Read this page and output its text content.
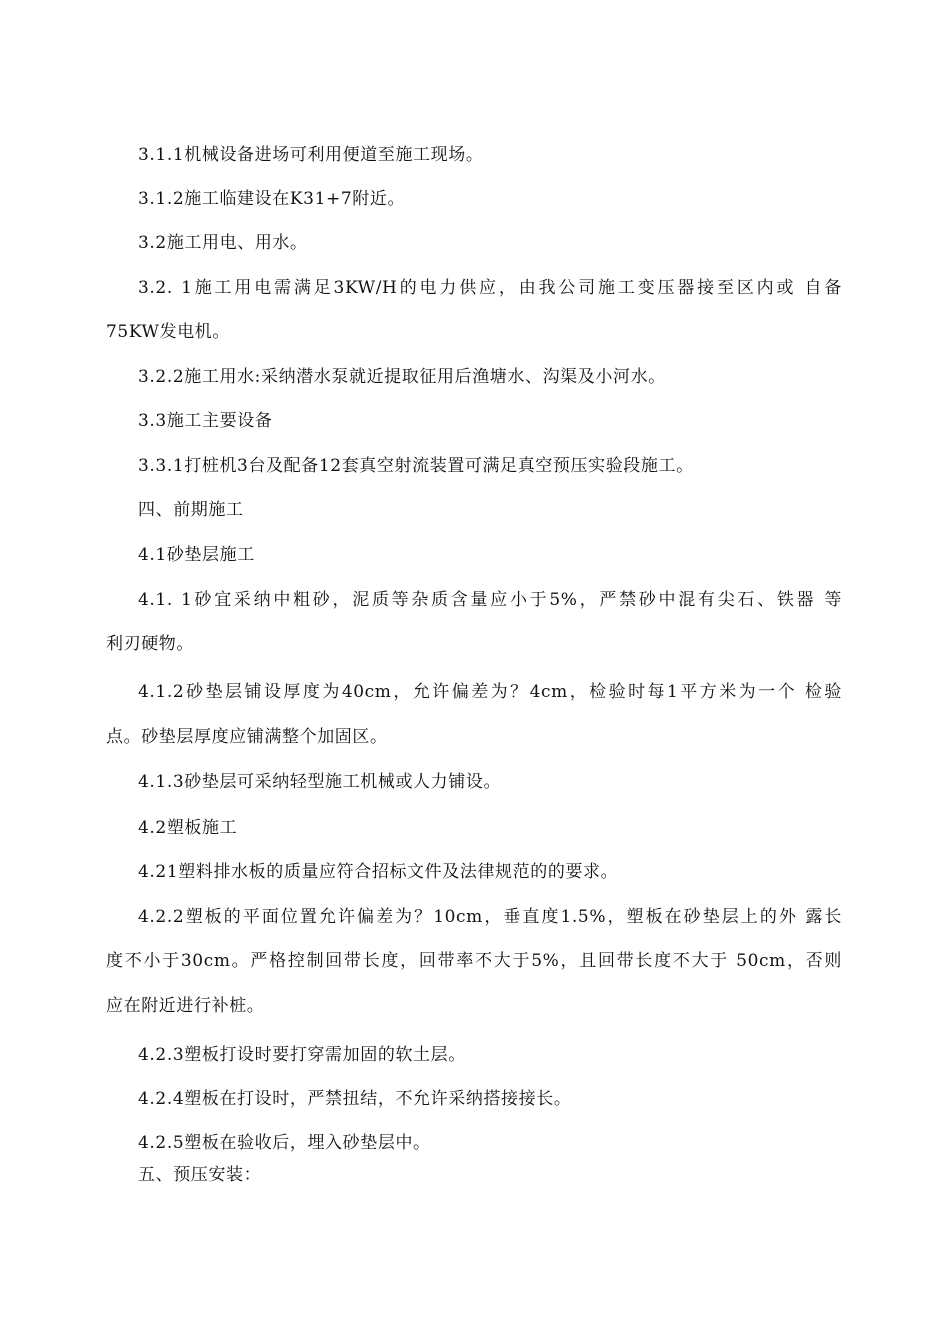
3.1.1机械设备进场可利用便道至施工现场。
3.1.2施工临建设在K31+7附近。
3.2施工用电、用水。
3.2. 1施工用电需满足3KW/H的电力供应，由我公司施工变压器接至区内或 自备
75KW发电机。
3.2.2施工用水:采纳潜水泵就近提取征用后渔塘水、沟渠及小河水。
3.3施工主要设备
3.3.1打桩机3台及配备12套真空射流装置可满足真空预压实验段施工。
四、前期施工
4.1砂垫层施工
4.1. 1砂宜采纳中粗砂，泥质等杂质含量应小于5%，严禁砂中混有尖石、铁器 等
利刃硬物。
4.1.2砂垫层铺设厚度为40cm，允许偏差为？4cm，检验时每1平方米为一个 检验
点。砂垫层厚度应铺满整个加固区。
4.1.3砂垫层可采纳轻型施工机械或人力铺设。
4.2塑板施工
4.21塑料排水板的质量应符合招标文件及法律规范的的要求。
4.2.2塑板的平面位置允许偏差为？10cm，垂直度1.5%，塑板在砂垫层上的外 露长
度不小于30cm。严格控制回带长度，回带率不大于5%，且回带长度不大于 50cm，否则
应在附近进行补桩。
4.2.3塑板打设时要打穿需加固的软土层。
4.2.4塑板在打设时，严禁扭结，不允许采纳搭接接长。
4.2.5塑板在验收后，埋入砂垫层中。
五、预压安装：
